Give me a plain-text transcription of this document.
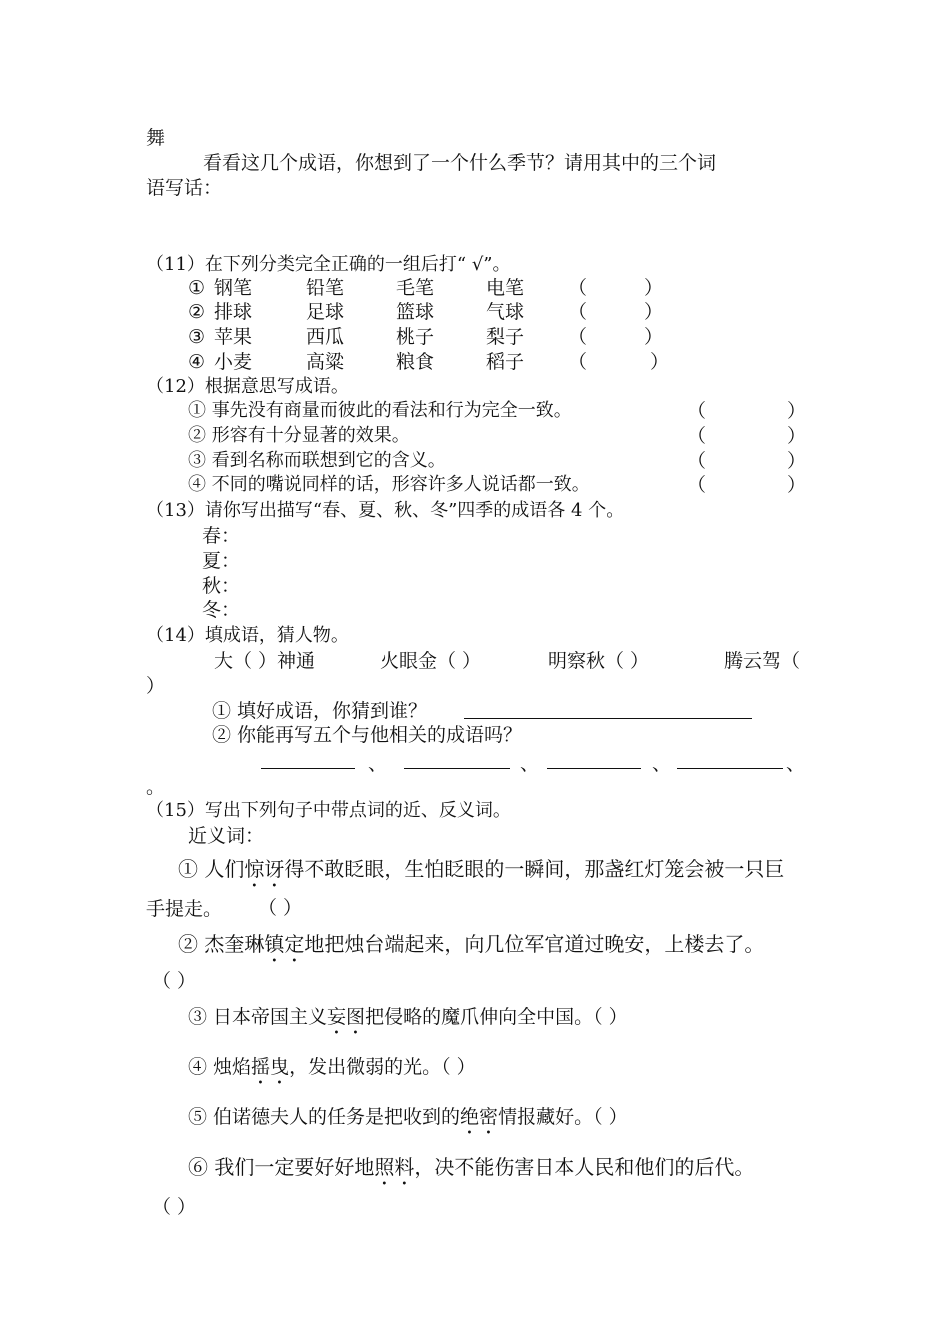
舞
看看这几个成语，你想到了一个什么季节？请用其中的三个词
语写话：
（11）在下列分类完全正确的一组后打“ √”。
① 钢笔	铅笔	毛笔	电笔 （	）
② 排球	足球	篮球	气球 （	）
③ 苹果	西瓜	桃子	梨子 （	）
④ 小麦	高粱	粮食	稻子 （	）
（12）根据意思写成语。
① 事先没有商量而彼此的看法和行为完全一致。	（	）
② 形容有十分显著的效果。	（	）
③ 看到名称而联想到它的含义。	（	）
④ 不同的嘴说同样的话，形容许多人说话都一致。	（	）
（13）请你写出描写“春、夏、秋、冬”四季的成语各 4 个。
春：
夏：
秋：
冬：
（14）填成语，猜人物。
大（ ）神通	火眼金（ ）	明察秋（ ）	腾云驾（
）
① 填好成语，你猜到谁？
② 你能再写五个与他相关的成语吗？
、	、	、	、
。
（15）写出下列句子中带点词的近、反义词。
近义词：
① 人们惊讶得不敢眨眼，生怕眨眼的一瞬间，那盏红灯笼会被一只巨
手提走。 （ ）
② 杰奎琳镇定地把烛台端起来，向几位军官道过晚安，上楼去了。
（ ）
③ 日本帝国主义妄图把侵略的魔爪伸向全中国。（ ）
④ 烛焰摇曳，发出微弱的光。（ ）
⑤ 伯诺德夫人的任务是把收到的绝密情报藏好。（ ）
⑥ 我们一定要好好地照料，决不能伤害日本人民和他们的后代。
（ ）
